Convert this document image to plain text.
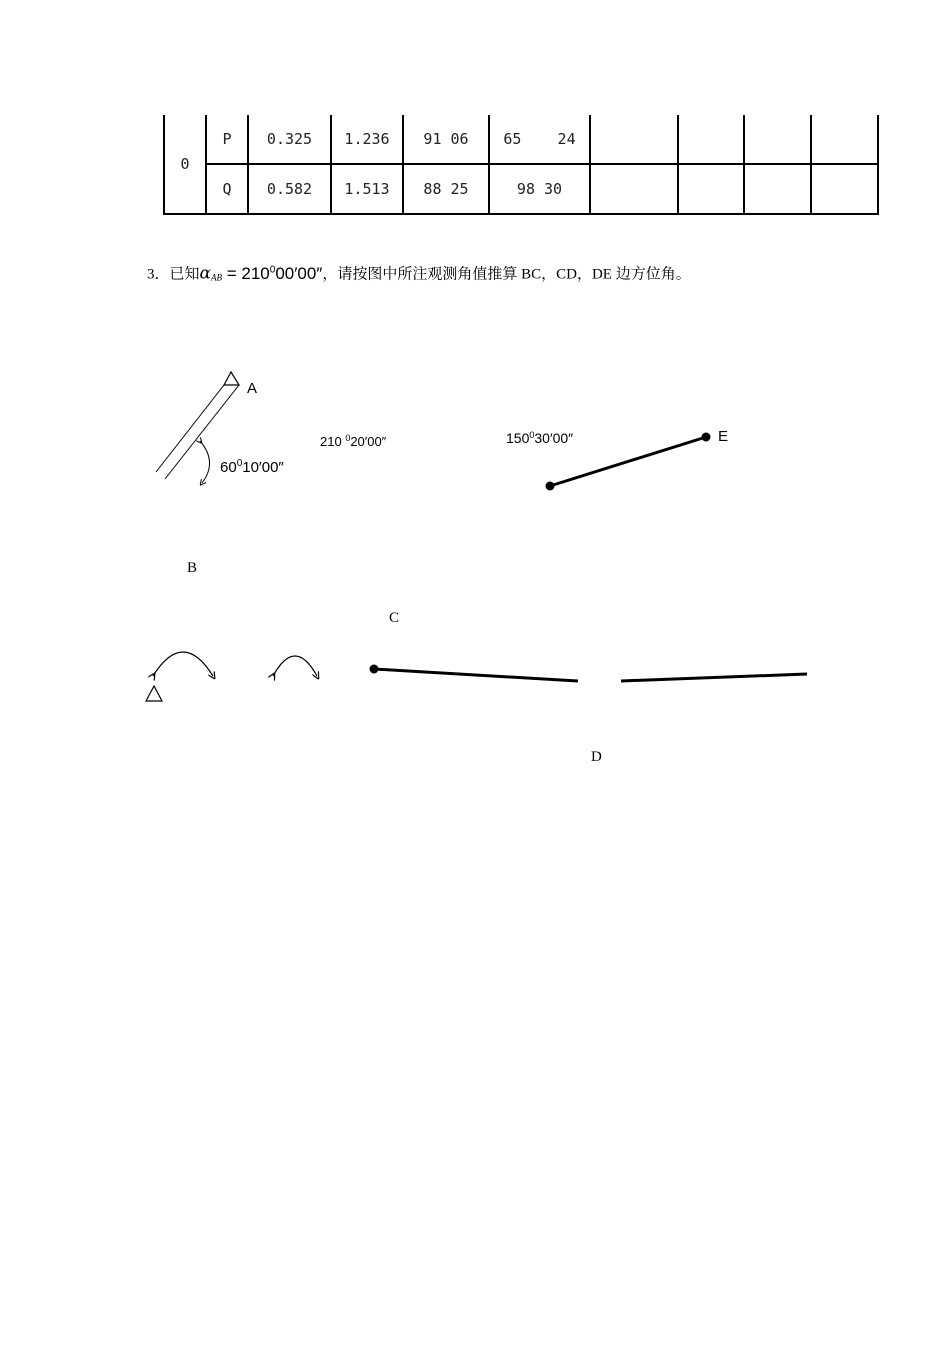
0	P	0.325	1.236	91 06	65    24				
	Q	0.582	1.513	88 25	98 30				
3．已知$\alpha_{AB} = 210^000'00''$，请按图中所注观测角值推算 BC，CD，DE 边方位角。
A
$60^010'00''$
210 $^0$20′00″	$150^030'00''$	E
B
C
D
